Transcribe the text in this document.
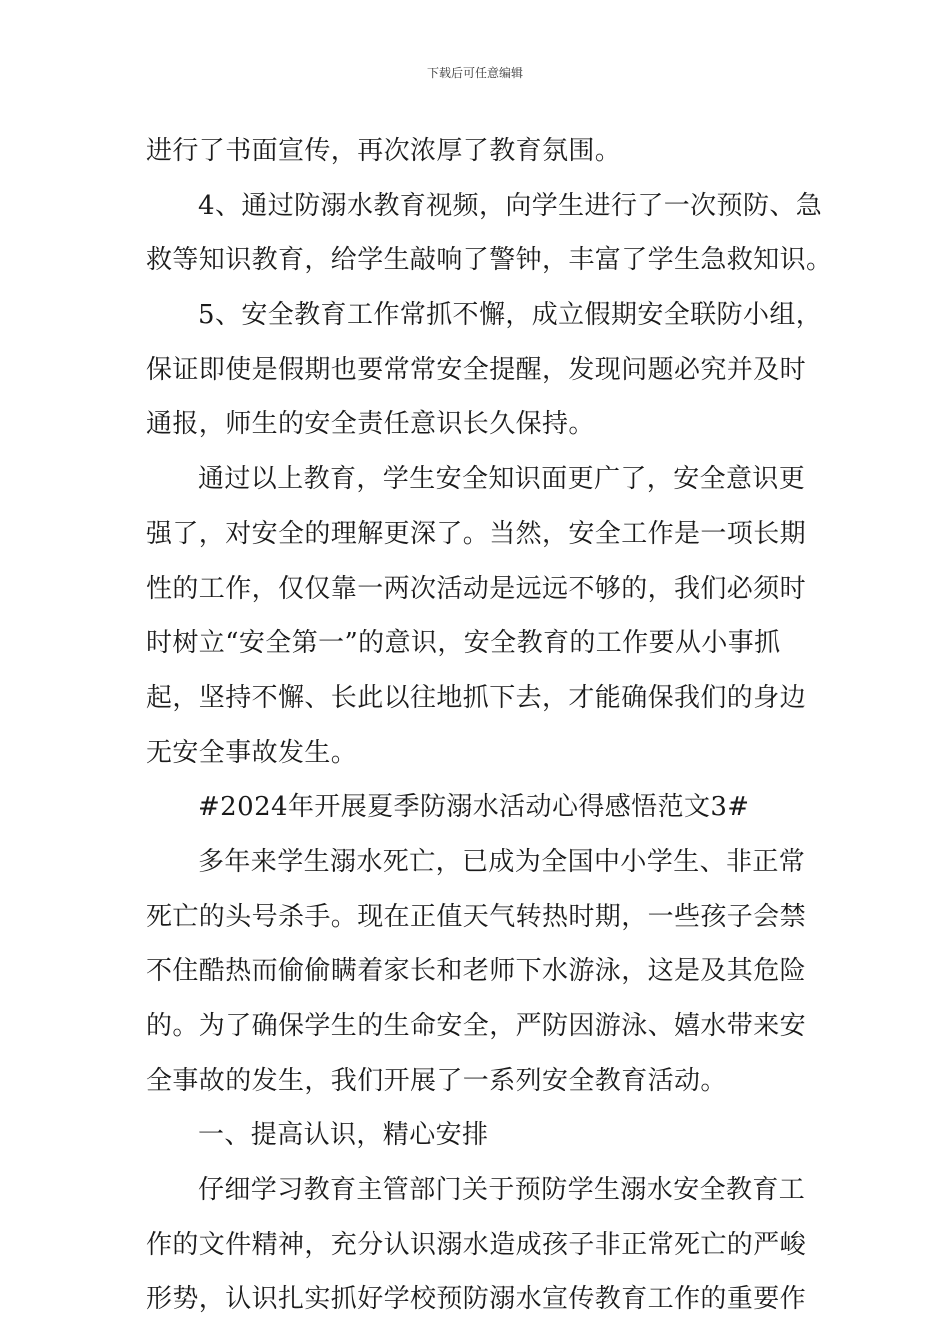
下载后可任意编辑
进行了书面宣传，再次浓厚了教育氛围。
4、通过防溺水教育视频，向学生进行了一次预防、急
救等知识教育，给学生敲响了警钟，丰富了学生急救知识。
5、安全教育工作常抓不懈，成立假期安全联防小组，
保证即使是假期也要常常安全提醒，发现问题必究并及时
通报，师生的安全责任意识长久保持。
通过以上教育，学生安全知识面更广了，安全意识更
强了，对安全的理解更深了。当然，安全工作是一项长期
性的工作，仅仅靠一两次活动是远远不够的，我们必须时
时树立“安全第一”的意识，安全教育的工作要从小事抓
起，坚持不懈、长此以往地抓下去，才能确保我们的身边
无安全事故发生。
#2024年开展夏季防溺水活动心得感悟范文3#
多年来学生溺水死亡，已成为全国中小学生、非正常
死亡的头号杀手。现在正值天气转热时期，一些孩子会禁
不住酷热而偷偷瞒着家长和老师下水游泳，这是及其危险
的。为了确保学生的生命安全，严防因游泳、嬉水带来安
全事故的发生，我们开展了一系列安全教育活动。
一、提高认识，精心安排
仔细学习教育主管部门关于预防学生溺水安全教育工
作的文件精神，充分认识溺水造成孩子非正常死亡的严峻
形势，认识扎实抓好学校预防溺水宣传教育工作的重要作
